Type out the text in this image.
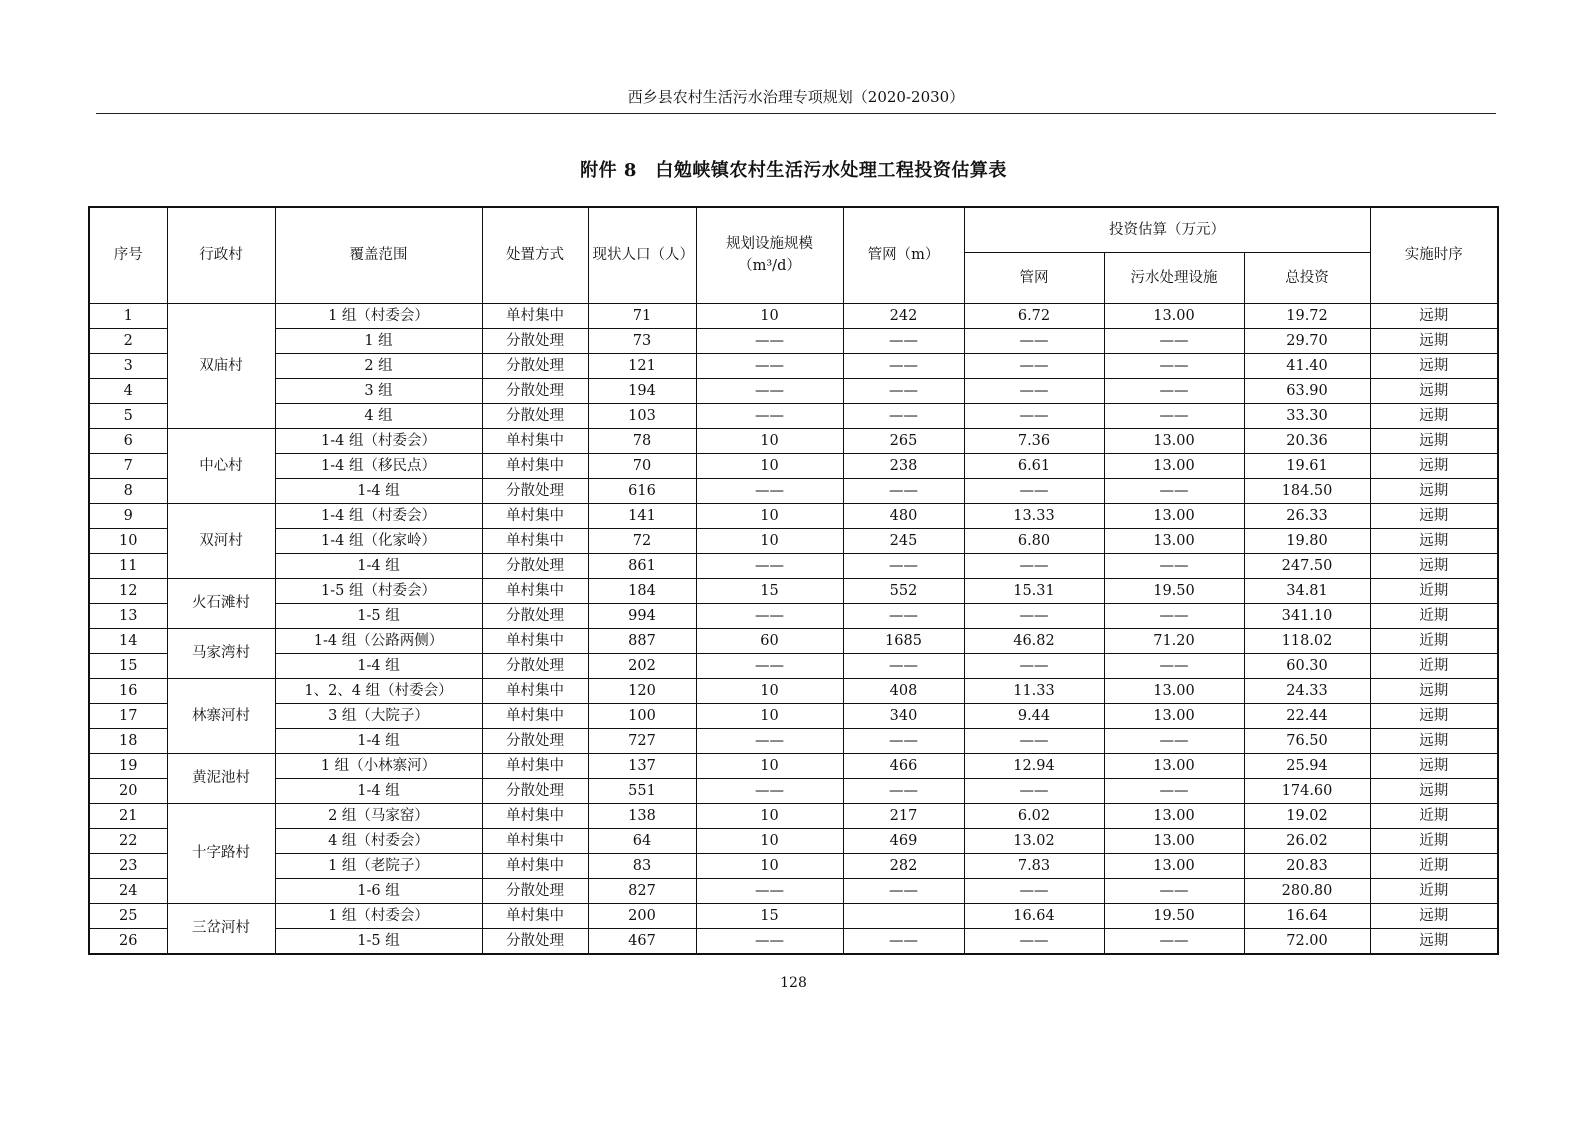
西乡县农村生活污水治理专项规划（2020-2030）
附件 8　白勉峡镇农村生活污水处理工程投资估算表
序号	行政村	覆盖范围	处置方式	现状人口（人）	规划设施规模（m³/d）	管网（m）	投资估算（万元）			实施时序
							管网	污水处理设施	总投资	
1	双庙村	1 组（村委会）	单村集中	71	10	242	6.72	13.00	19.72	远期
2		1 组	分散处理	73	——	——	——	——	29.70	远期
3		2 组	分散处理	121	——	——	——	——	41.40	远期
4		3 组	分散处理	194	——	——	——	——	63.90	远期
5		4 组	分散处理	103	——	——	——	——	33.30	远期
6	中心村	1-4 组（村委会）	单村集中	78	10	265	7.36	13.00	20.36	远期
7		1-4 组（移民点）	单村集中	70	10	238	6.61	13.00	19.61	远期
8		1-4 组	分散处理	616	——	——	——	——	184.50	远期
9	双河村	1-4 组（村委会）	单村集中	141	10	480	13.33	13.00	26.33	远期
10		1-4 组（化家岭）	单村集中	72	10	245	6.80	13.00	19.80	远期
11		1-4 组	分散处理	861	——	——	——	——	247.50	远期
12	火石滩村	1-5 组（村委会）	单村集中	184	15	552	15.31	19.50	34.81	近期
13		1-5 组	分散处理	994	——	——	——	——	341.10	近期
14	马家湾村	1-4 组（公路两侧）	单村集中	887	60	1685	46.82	71.20	118.02	近期
15		1-4 组	分散处理	202	——	——	——	——	60.30	近期
16	林寨河村	1、2、4 组（村委会）	单村集中	120	10	408	11.33	13.00	24.33	远期
17		3 组（大院子）	单村集中	100	10	340	9.44	13.00	22.44	远期
18		1-4 组	分散处理	727	——	——	——	——	76.50	远期
19	黄泥池村	1 组（小林寨河）	单村集中	137	10	466	12.94	13.00	25.94	远期
20		1-4 组	分散处理	551	——	——	——	——	174.60	远期
21	十字路村	2 组（马家窑）	单村集中	138	10	217	6.02	13.00	19.02	近期
22		4 组（村委会）	单村集中	64	10	469	13.02	13.00	26.02	近期
23		1 组（老院子）	单村集中	83	10	282	7.83	13.00	20.83	近期
24		1-6 组	分散处理	827	——	——	——	——	280.80	近期
25	三岔河村	1 组（村委会）	单村集中	200	15		16.64	19.50	16.64	远期
26		1-5 组	分散处理	467	——	——	——	——	72.00	远期
128
